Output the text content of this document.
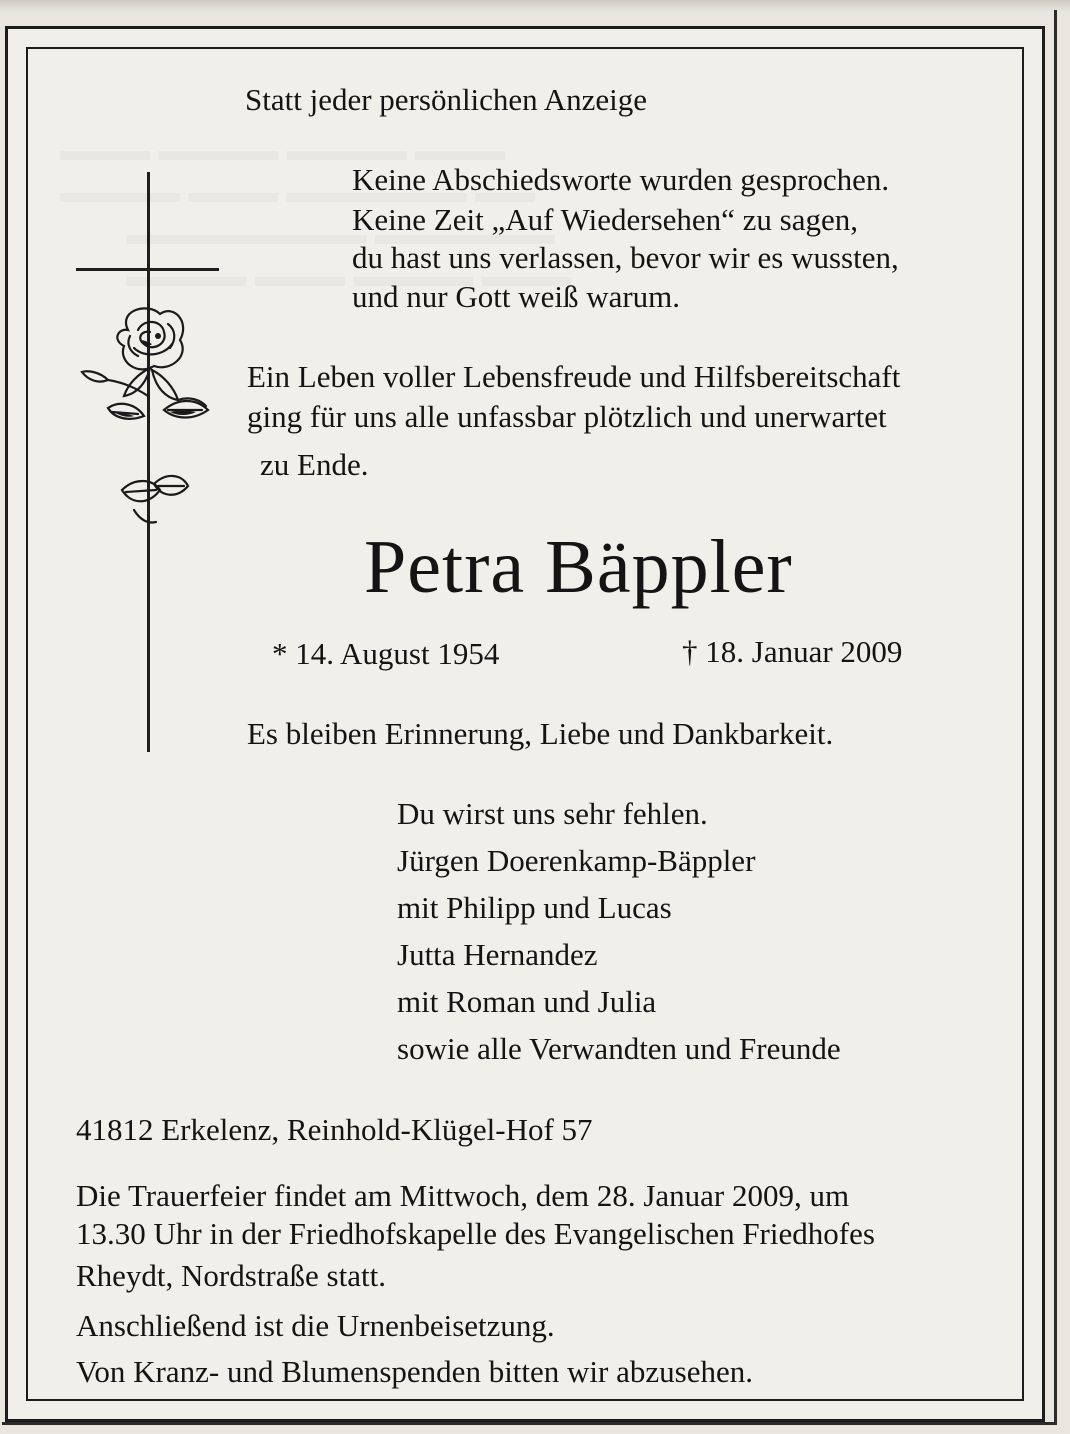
Statt jeder persönlichen Anzeige
Keine Abschiedsworte wurden gesprochen.
Keine Zeit „Auf Wiedersehen“ zu sagen,
du hast uns verlassen, bevor wir es wussten,
und nur Gott weiß warum.
Ein Leben voller Lebensfreude und Hilfsbereitschaft
ging für uns alle unfassbar plötzlich und unerwartet
zu Ende.
Petra Bäppler
* 14. August 1954	† 18. Januar 2009
Es bleiben Erinnerung, Liebe und Dankbarkeit.
Du wirst uns sehr fehlen.
Jürgen Doerenkamp-Bäppler
mit Philipp und Lucas
Jutta Hernandez
mit Roman und Julia
sowie alle Verwandten und Freunde
41812 Erkelenz, Reinhold-Klügel-Hof 57
Die Trauerfeier findet am Mittwoch, dem 28. Januar 2009, um
13.30 Uhr in der Friedhofskapelle des Evangelischen Friedhofes
Rheydt, Nordstraße statt.
Anschließend ist die Urnenbeisetzung.
Von Kranz- und Blumenspenden bitten wir abzusehen.
